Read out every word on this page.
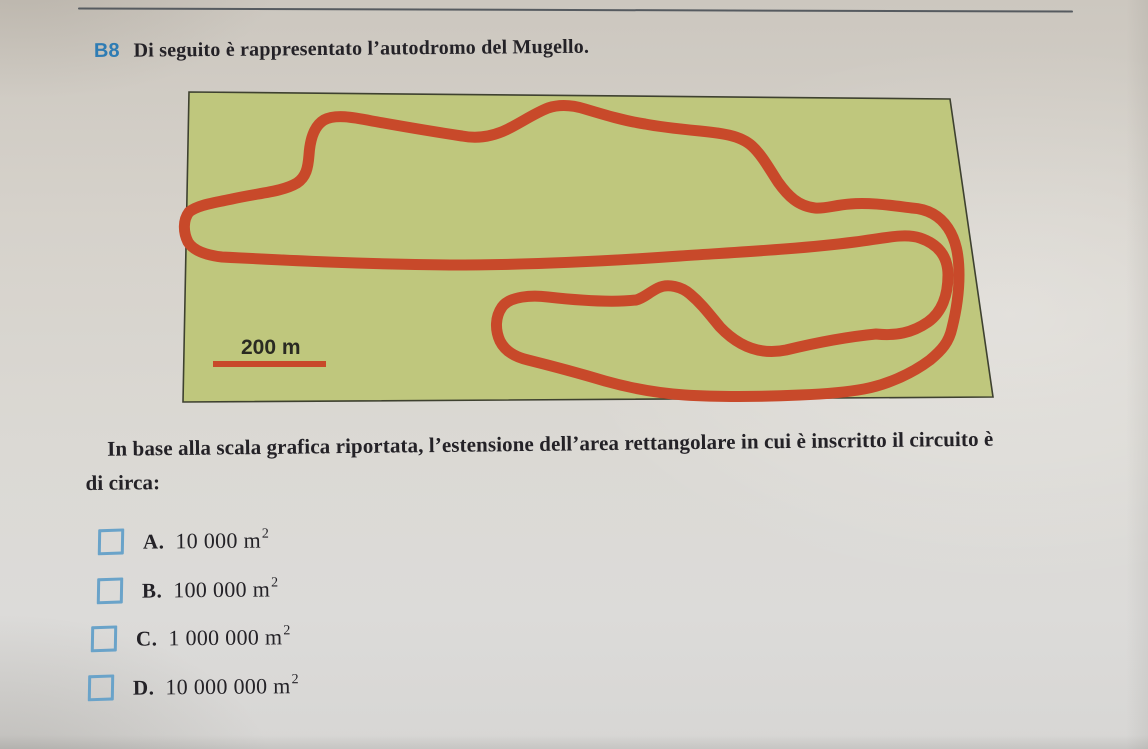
B8 Di seguito è rappresentato l’autodromo del Mugello.
200 m
In base alla scala grafica riportata, l’estensione dell’area rettangolare in cui è inscritto il circuito è
di circa:
A. 10 000 $m^2$
B. 100 000 $m^2$
C. 1 000 000 $m^2$
D. 10 000 000 $m^2$
